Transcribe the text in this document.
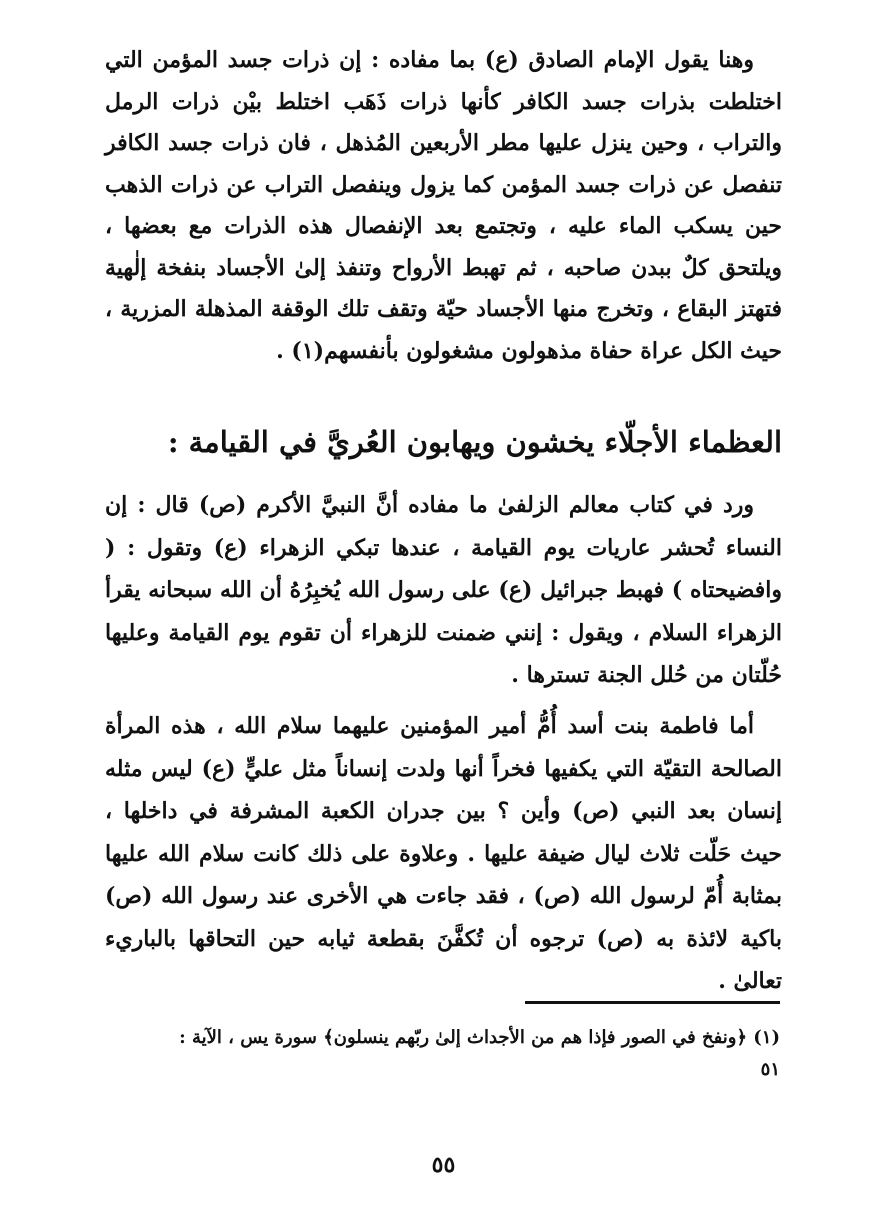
وهنا يقول الإمام الصادق (ع) بما مفاده : إن ذرات جسد المؤمن التي اختلطت بذرات جسد الكافر كأنها ذرات ذَهَب اختلط بيْن ذرات الرمل والتراب ، وحين ينزل عليها مطر الأربعين المُذهل ، فان ذرات جسد الكافر تنفصل عن ذرات جسد المؤمن كما يزول وينفصل التراب عن ذرات الذهب حين يسكب الماء عليه ، وتجتمع بعد الإنفصال هذه الذرات مع بعضها ، ويلتحق كلٌ ببدن صاحبه ، ثم تهبط الأرواح وتنفذ إلىٰ الأجساد بنفخة إلٰهية فتهتز البقاع ، وتخرج منها الأجساد حيّة وتقف تلك الوقفة المذهلة المزرية ، حيث الكل عراة حفاة مذهولون مشغولون بأنفسهم(١) .

العظماء الأجلّاء يخشون ويهابون العُريَّ في القيامة :

ورد في كتاب معالم الزلفىٰ ما مفاده أنَّ النبيَّ الأكرم (ص) قال : إن النساء تُحشر عاريات يوم القيامة ، عندها تبكي الزهراء (ع) وتقول : ( وافضيحتاه ) فهبط جبرائيل (ع) على رسول الله يُخبِرُهُ أن الله سبحانه يقرأ الزهراء السلام ، ويقول : إنني ضمنت للزهراء أن تقوم يوم القيامة وعليها حُلّتان من حُلل الجنة تسترها .

أما فاطمة بنت أسد أُمُّ أمير المؤمنين عليهما سلام الله ، هذه المرأة الصالحة التقيّة التي يكفيها فخراً أنها ولدت إنساناً مثل عليٍّ (ع) ليس مثله إنسان بعد النبي (ص) وأين ؟ بين جدران الكعبة المشرفة في داخلها ، حيث حَلّت ثلاث ليال ضيفة عليها . وعلاوة على ذلك كانت سلام الله عليها بمثابة أُمّ لرسول الله (ص) ، فقد جاءت هي الأخرى عند رسول الله (ص) باكية لائذة به (ص) ترجوه أن تُكفَّنَ بقطعة ثيابه حين التحاقها بالباريء تعالىٰ .

(١) ﴿ونفخ في الصور فإذا هم من الأجداث إلىٰ ربّهم ينسلون﴾ سورة يس ، الآية :

٥١

٥٥
